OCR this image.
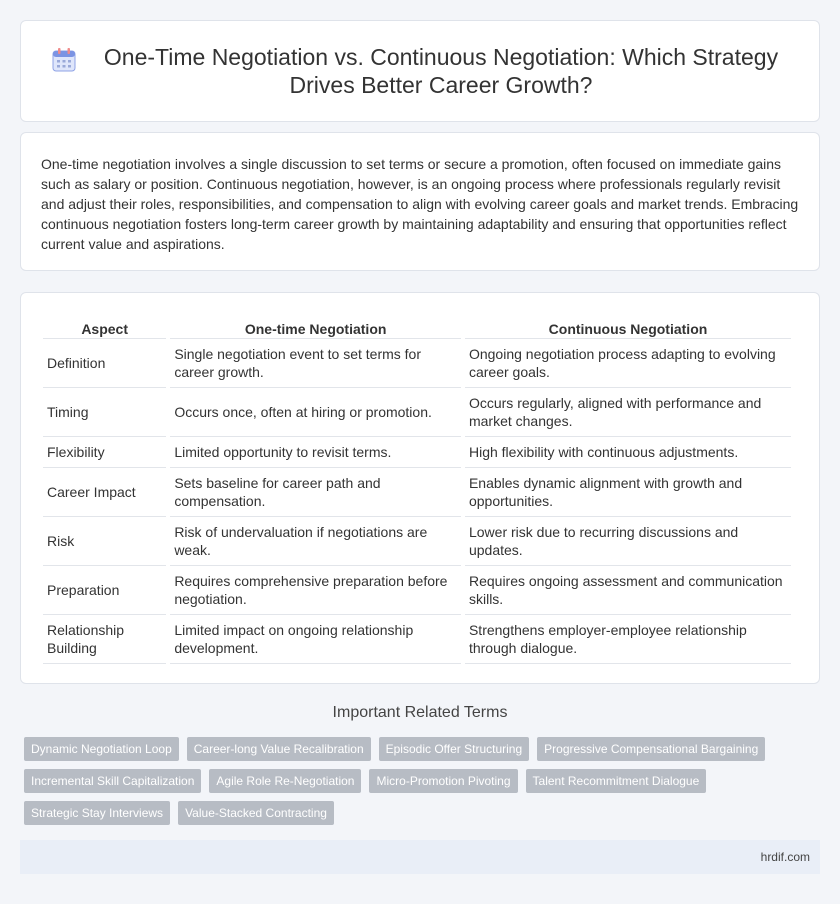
One-Time Negotiation vs. Continuous Negotiation: Which Strategy Drives Better Career Growth?

One-time negotiation involves a single discussion to set terms or secure a promotion, often focused on immediate gains such as salary or position. Continuous negotiation, however, is an ongoing process where professionals regularly revisit and adjust their roles, responsibilities, and compensation to align with evolving career goals and market trends. Embracing continuous negotiation fosters long-term career growth by maintaining adaptability and ensuring that opportunities reflect current value and aspirations.

Aspect	One-time Negotiation	Continuous Negotiation
Definition	Single negotiation event to set terms for career growth.	Ongoing negotiation process adapting to evolving career goals.
Timing	Occurs once, often at hiring or promotion.	Occurs regularly, aligned with performance and market changes.
Flexibility	Limited opportunity to revisit terms.	High flexibility with continuous adjustments.
Career Impact	Sets baseline for career path and compensation.	Enables dynamic alignment with growth and opportunities.
Risk	Risk of undervaluation if negotiations are weak.	Lower risk due to recurring discussions and updates.
Preparation	Requires comprehensive preparation before negotiation.	Requires ongoing assessment and communication skills.
Relationship Building	Limited impact on ongoing relationship development.	Strengthens employer-employee relationship through dialogue.
Important Related Terms
Dynamic Negotiation Loop	Career-long Value Recalibration	Episodic Offer Structuring	Progressive Compensational Bargaining
Incremental Skill Capitalization	Agile Role Re-Negotiation	Micro-Promotion Pivoting	Talent Recommitment Dialogue
Strategic Stay Interviews	Value-Stacked Contracting
hrdif.com
